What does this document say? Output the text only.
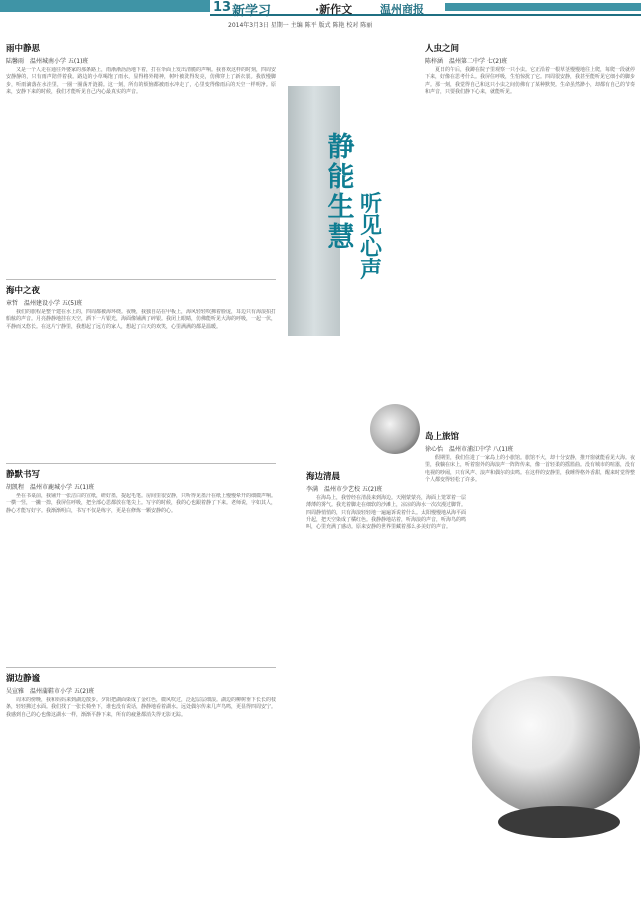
13 新学习	·新作文	温州商报
2014年3月3日 星期一 主编 陈平 版式 陈艳 校对 陈丽
雨中静思
陆馨雨　温州城南小学 五(1)班

又是一个人走在通往外婆家的那条路上，雨淅淅沥沥地下着，打在伞面上发出清脆的声响。我喜欢这样的时刻，四周安安静静的，只有雨声陪伴着我。路边的小草喝饱了雨水，显得格外精神，树叶被洗得发亮，仿佛穿上了新衣裳。我放慢脚步，听雨滴落在水洼里，一圈一圈荡开涟漪。这一刻，所有的烦恼都被雨水冲走了，心里变得像雨后的天空一样明净。原来，安静下来的时候，我们才能听见自己内心最真实的声音。

海中之夜
章哲　温州建设小学 五(5)班

我们的旅程是整个建在水上的，四周都被海环绕。夜晚，我独自站在甲板上，海风轻轻吹拂着脸庞，耳边只有海浪拍打船舷的声音。月亮静静地挂在天空，洒下一片银光，海面像铺满了碎银。我闭上眼睛，仿佛能听见大海的呼吸，一起一伏，平静而又悠长。在这片宁静里，我想起了远方的家人，想起了白天的欢笑，心里满满的都是温暖。

静默书写
胡凯程　温州市鹿城小学 五(1)班

坐在书桌前，我铺开一张洁白的宣纸，研好墨，提起毛笔。房间里很安静，只听得见墨汁在纸上慢慢晕开的细微声响。一横一竖，一撇一捺，我屏住呼吸，把全部心思都放在笔尖上。写字的时候，我的心也跟着静了下来。老师说，字如其人，静心才能写好字。我渐渐明白，书写不仅是练字，更是在修炼一颗安静的心。

湖边静谧
吴宣雅　温州蒲鞋市小学 五(2)班

周末的傍晚，我和妈妈来到湖边散步。夕阳把湖面染成了金红色，微风吹过，泛起层层细浪。湖边的柳树垂下长长的枝条，轻轻拂过水面。我们找了一张长椅坐下，谁也没有说话，静静地看着湖水。远处偶尔传来几声鸟鸣，更显得四周安宁。我感到自己的心也像这湖水一样，渐渐平静下来，所有的疲惫都消失得无影无踪。

静能生慧
听见心声
海边清晨
李满　温州市少艺校 五(2)班

在海岛上，我曾经在清晨来到海边。天刚蒙蒙亮，海面上笼罩着一层薄薄的雾气。我光着脚走在细软的沙滩上，凉凉的海水一次次漫过脚背。四周静悄悄的，只有海浪轻轻地一遍遍诉说着什么。太阳慢慢地从海平面升起，把天空染成了橘红色。我静静地站着，听海浪的声音，听海鸟的鸣叫，心里充满了感动。原来安静的世界里藏着那么多美好的声音。

人虫之间
陈梓涵　温州第二中学 七(2)班

夏日的午后，我蹲在院子里观察一只小虫。它正沿着一根草茎慢慢地往上爬，每爬一段就停下来，好像在思考什么。我屏住呼吸，生怕惊扰了它。四周很安静，我甚至能听见它细小的脚步声。那一刻，我觉得自己和这只小虫之间仿佛有了某种默契。生命虽然渺小，却都有自己的节奏和声音，只要我们静下心来，就能听见。

岛上旅馆
徐心怡　温州市浦江中学 八(1)班

假期里，我们住进了一家岛上的小旅馆。旅馆不大，却十分安静，推开窗就能看见大海。夜里，我躺在床上，听着窗外的海浪声一阵阵传来，像一首轻柔的摇篮曲。没有城市的喧嚣，没有电视的吵闹，只有风声、浪声和偶尔的虫鸣。在这样的安静里，我睡得格外香甜，醒来时觉得整个人都变得轻松了许多。
